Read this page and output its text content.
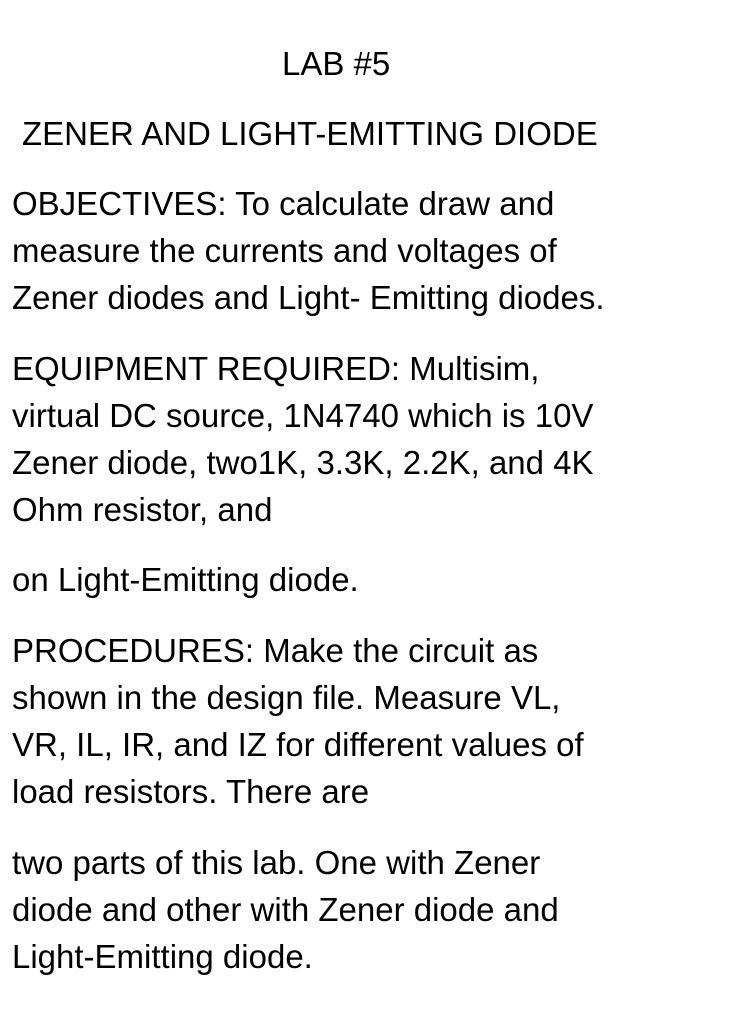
LAB #5
ZENER AND LIGHT-EMITTING DIODE
OBJECTIVES: To calculate draw and
measure the currents and voltages of
Zener diodes and Light- Emitting diodes.
EQUIPMENT REQUIRED: Multisim,
virtual DC source, 1N4740 which is 10V
Zener diode, two1K, 3.3K, 2.2K, and 4K
Ohm resistor, and
on Light-Emitting diode.
PROCEDURES: Make the circuit as
shown in the design file. Measure VL,
VR, IL, IR, and IZ for different values of
load resistors. There are
two parts of this lab. One with Zener
diode and other with Zener diode and
Light-Emitting diode.
